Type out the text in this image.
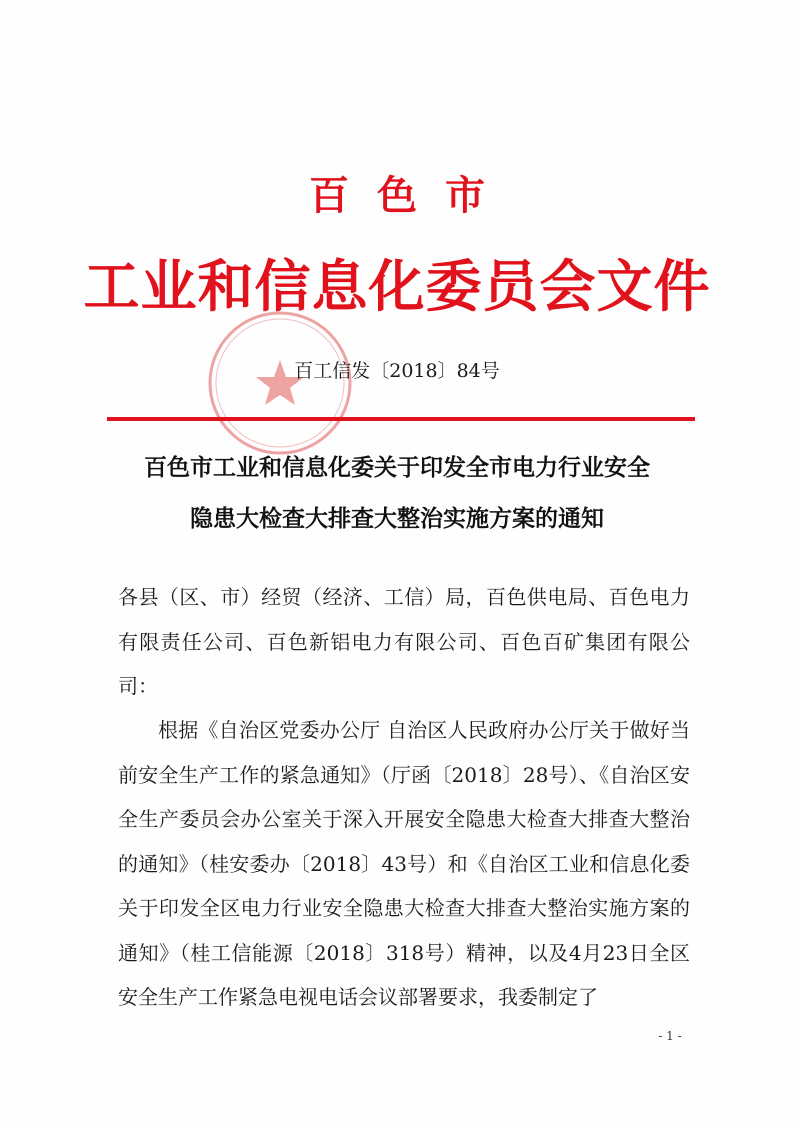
百色市
工业和信息化委员会文件
百工信发〔2018〕84号
百色市工业和信息化委关于印发全市电力行业安全
隐患大检查大排查大整治实施方案的通知
各县（区、市）经贸（经济、工信）局，百色供电局、百色电力有限责任公司、百色新铝电力有限公司、百色百矿集团有限公司：
根据《自治区党委办公厅 自治区人民政府办公厅关于做好当前安全生产工作的紧急通知》（厅函〔2018〕28号）、《自治区安全生产委员会办公室关于深入开展安全隐患大检查大排查大整治的通知》（桂安委办〔2018〕43号）和《自治区工业和信息化委关于印发全区电力行业安全隐患大检查大排查大整治实施方案的通知》（桂工信能源〔2018〕318号）精神，以及4月23日全区安全生产工作紧急电视电话会议部署要求，我委制定了
- 1 -
